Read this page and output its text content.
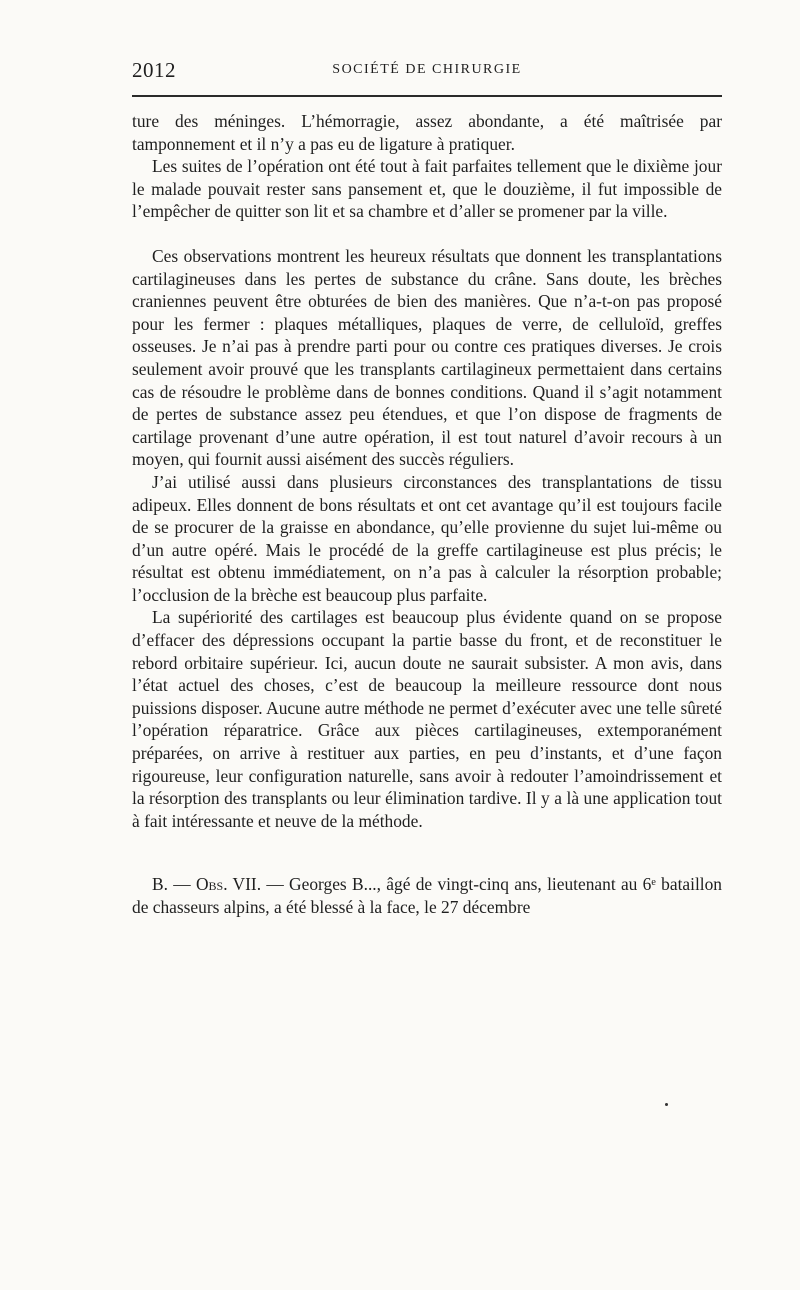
2012	SOCIÉTÉ DE CHIRURGIE

ture des méninges. L’hémorragie, assez abondante, a été maîtrisée par tamponnement et il n’y a pas eu de ligature à pratiquer.

Les suites de l’opération ont été tout à fait parfaites tellement que le dixième jour le malade pouvait rester sans pansement et, que le douzième, il fut impossible de l’empêcher de quitter son lit et sa chambre et d’aller se promener par la ville.

Ces observations montrent les heureux résultats que donnent les transplantations cartilagineuses dans les pertes de substance du crâne. Sans doute, les brèches craniennes peuvent être obturées de bien des manières. Que n’a-t-on pas proposé pour les fermer : plaques métalliques, plaques de verre, de celluloïd, greffes osseuses. Je n’ai pas à prendre parti pour ou contre ces pratiques diverses. Je crois seulement avoir prouvé que les transplants cartilagineux permettaient dans certains cas de résoudre le problème dans de bonnes conditions. Quand il s’agit notamment de pertes de substance assez peu étendues, et que l’on dispose de fragments de cartilage provenant d’une autre opération, il est tout naturel d’avoir recours à un moyen, qui fournit aussi aisément des succès réguliers.

J’ai utilisé aussi dans plusieurs circonstances des transplantations de tissu adipeux. Elles donnent de bons résultats et ont cet avantage qu’il est toujours facile de se procurer de la graisse en abondance, qu’elle provienne du sujet lui-même ou d’un autre opéré. Mais le procédé de la greffe cartilagineuse est plus précis; le résultat est obtenu immédiatement, on n’a pas à calculer la résorption probable; l’occlusion de la brèche est beaucoup plus parfaite.

La supériorité des cartilages est beaucoup plus évidente quand on se propose d’effacer des dépressions occupant la partie basse du front, et de reconstituer le rebord orbitaire supérieur. Ici, aucun doute ne saurait subsister. A mon avis, dans l’état actuel des choses, c’est de beaucoup la meilleure ressource dont nous puissions disposer. Aucune autre méthode ne permet d’exécuter avec une telle sûreté l’opération réparatrice. Grâce aux pièces cartilagineuses, extemporanément préparées, on arrive à restituer aux parties, en peu d’instants, et d’une façon rigoureuse, leur configuration naturelle, sans avoir à redouter l’amoindrissement et la résorption des transplants ou leur élimination tardive. Il y a là une application tout à fait intéressante et neuve de la méthode.

B. — Obs. VII. — Georges B..., âgé de vingt-cinq ans, lieutenant au 6ᵉ bataillon de chasseurs alpins, a été blessé à la face, le 27 décembre
